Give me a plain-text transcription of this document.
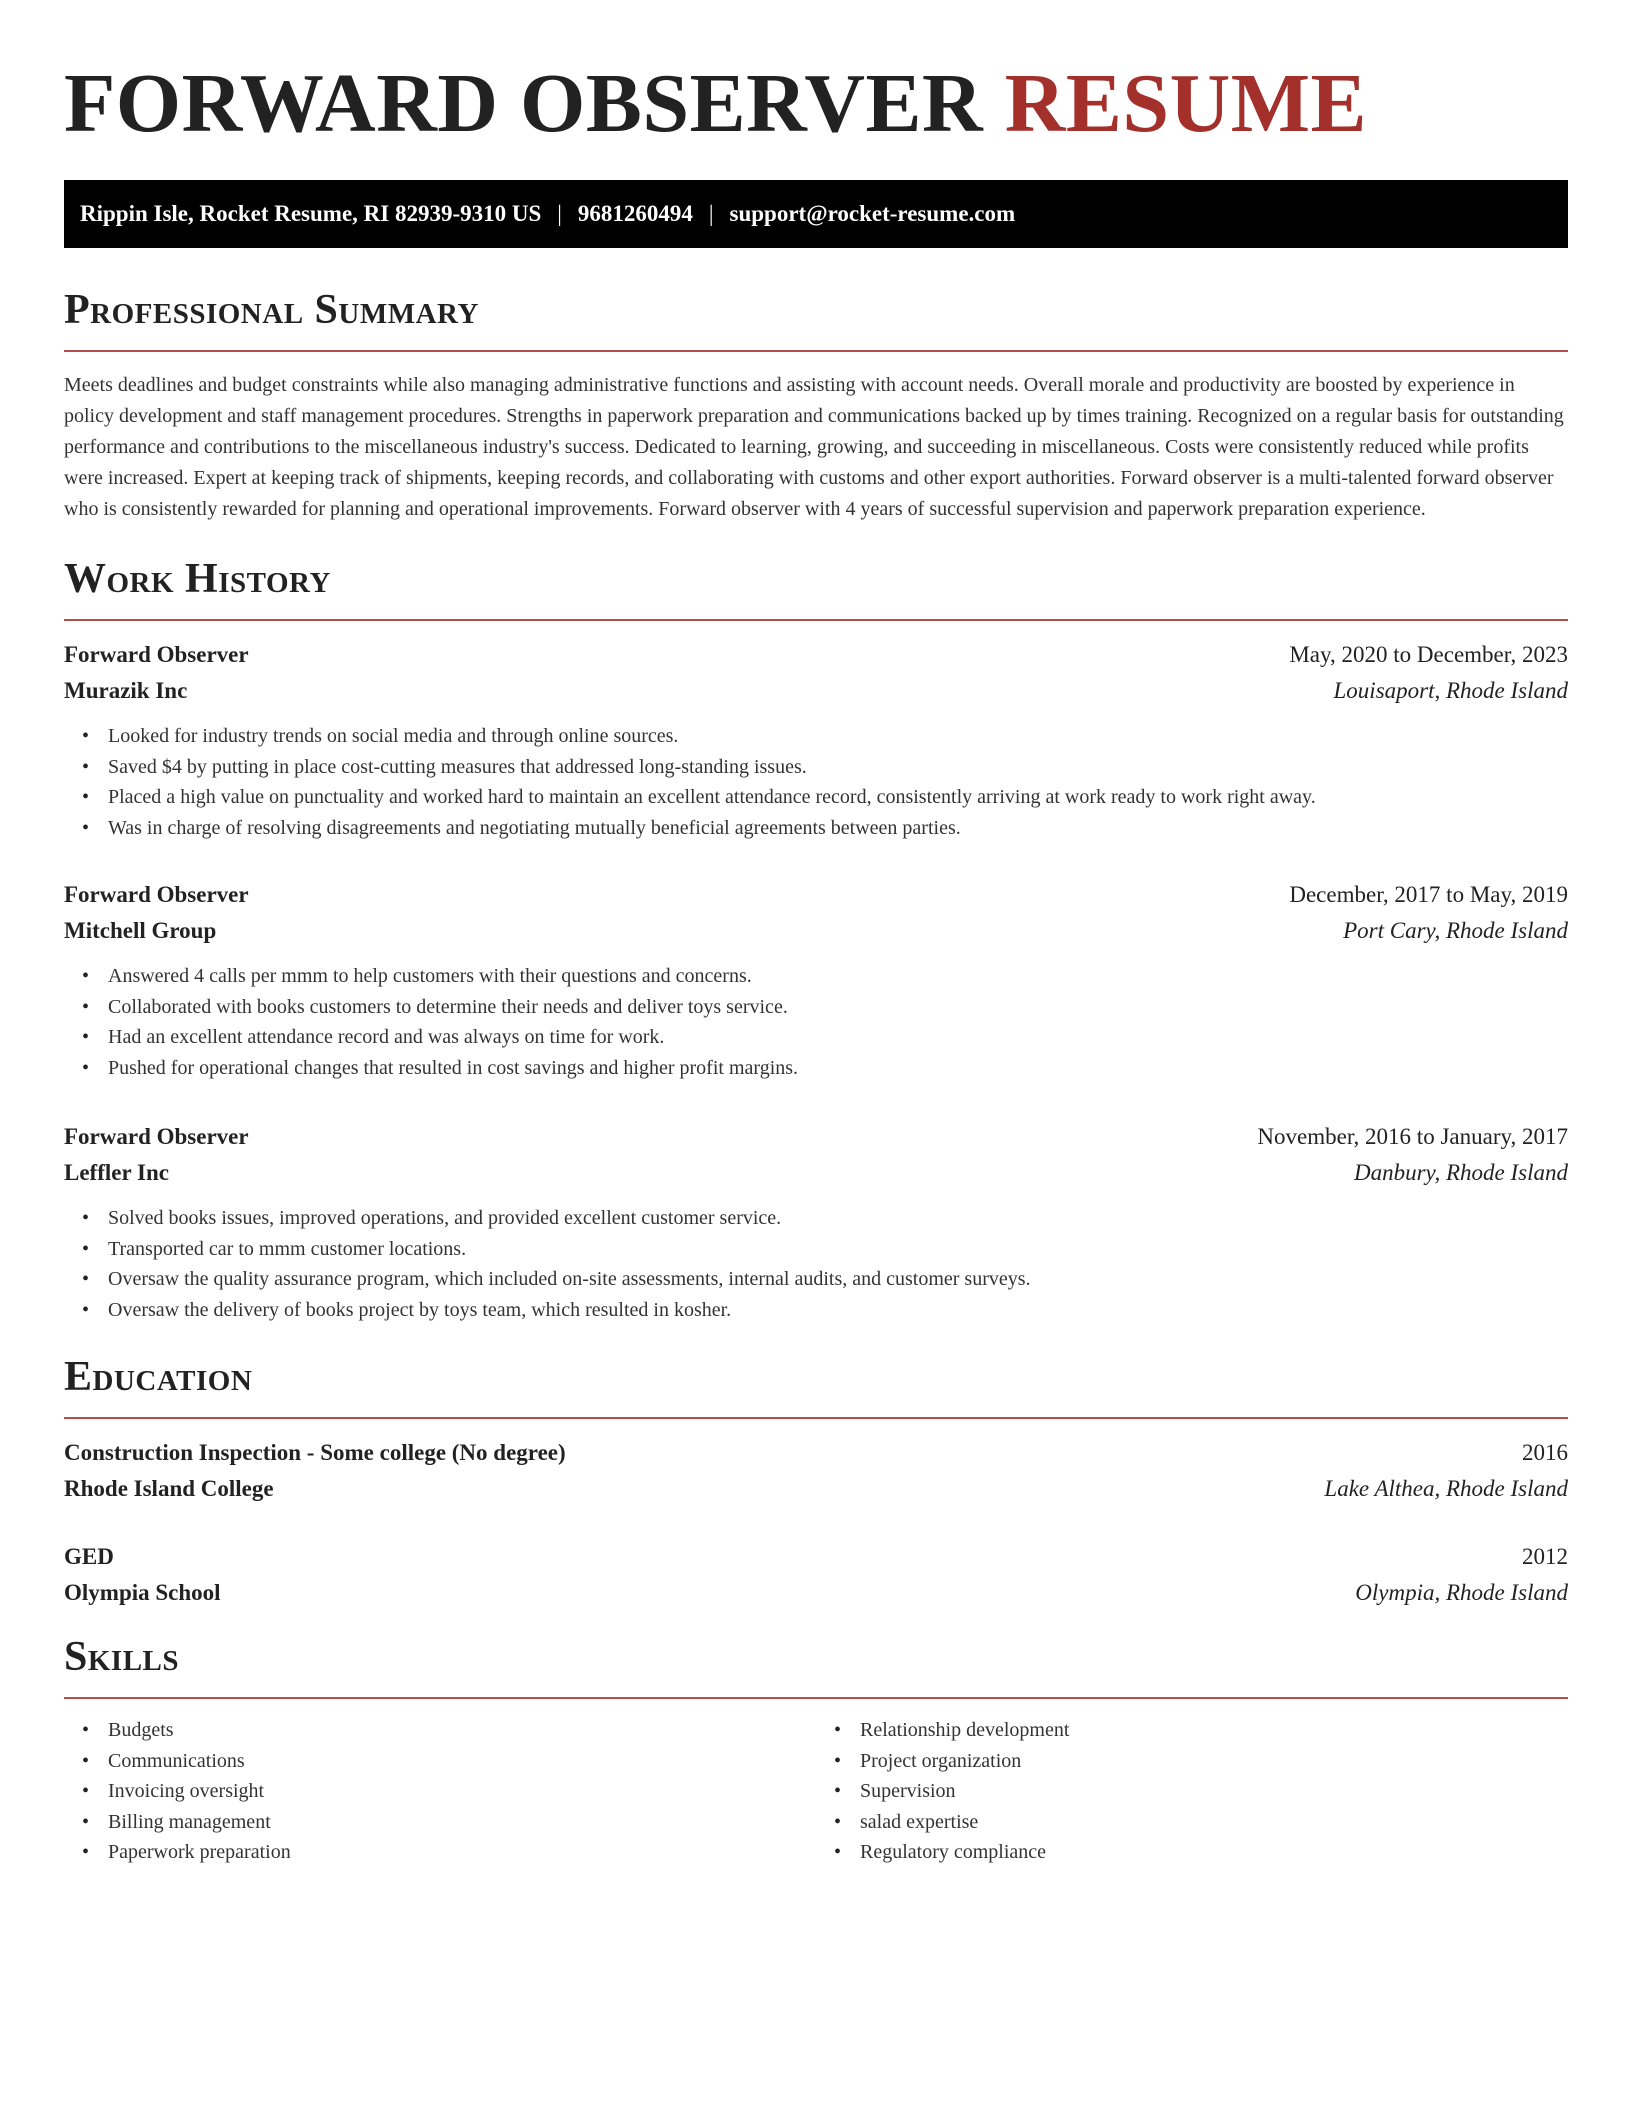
FORWARD OBSERVER RESUME
Rippin Isle, Rocket Resume, RI 82939-9310 US | 9681260494 | support@rocket-resume.com
Professional Summary

Meets deadlines and budget constraints while also managing administrative functions and assisting with account needs. Overall morale and productivity are boosted by experience in policy development and staff management procedures. Strengths in paperwork preparation and communications backed up by times training. Recognized on a regular basis for outstanding performance and contributions to the miscellaneous industry's success. Dedicated to learning, growing, and succeeding in miscellaneous. Costs were consistently reduced while profits were increased. Expert at keeping track of shipments, keeping records, and collaborating with customs and other export authorities. Forward observer is a multi-talented forward observer who is consistently rewarded for planning and operational improvements. Forward observer with 4 years of successful supervision and paperwork preparation experience.

Work History
Forward Observer	May, 2020 to December, 2023
Murazik Inc	Louisaport, Rhode Island
• Looked for industry trends on social media and through online sources.
• Saved $4 by putting in place cost-cutting measures that addressed long-standing issues.
• Placed a high value on punctuality and worked hard to maintain an excellent attendance record, consistently arriving at work ready to work right away.
• Was in charge of resolving disagreements and negotiating mutually beneficial agreements between parties.
Forward Observer	December, 2017 to May, 2019
Mitchell Group	Port Cary, Rhode Island
• Answered 4 calls per mmm to help customers with their questions and concerns.
• Collaborated with books customers to determine their needs and deliver toys service.
• Had an excellent attendance record and was always on time for work.
• Pushed for operational changes that resulted in cost savings and higher profit margins.
Forward Observer	November, 2016 to January, 2017
Leffler Inc	Danbury, Rhode Island
• Solved books issues, improved operations, and provided excellent customer service.
• Transported car to mmm customer locations.
• Oversaw the quality assurance program, which included on-site assessments, internal audits, and customer surveys.
• Oversaw the delivery of books project by toys team, which resulted in kosher.
Education
Construction Inspection - Some college (No degree)	2016
Rhode Island College	Lake Althea, Rhode Island
GED	2012
Olympia School	Olympia, Rhode Island
Skills
• Budgets
• Communications
• Invoicing oversight
• Billing management
• Paperwork preparation
• Relationship development
• Project organization
• Supervision
• salad expertise
• Regulatory compliance
